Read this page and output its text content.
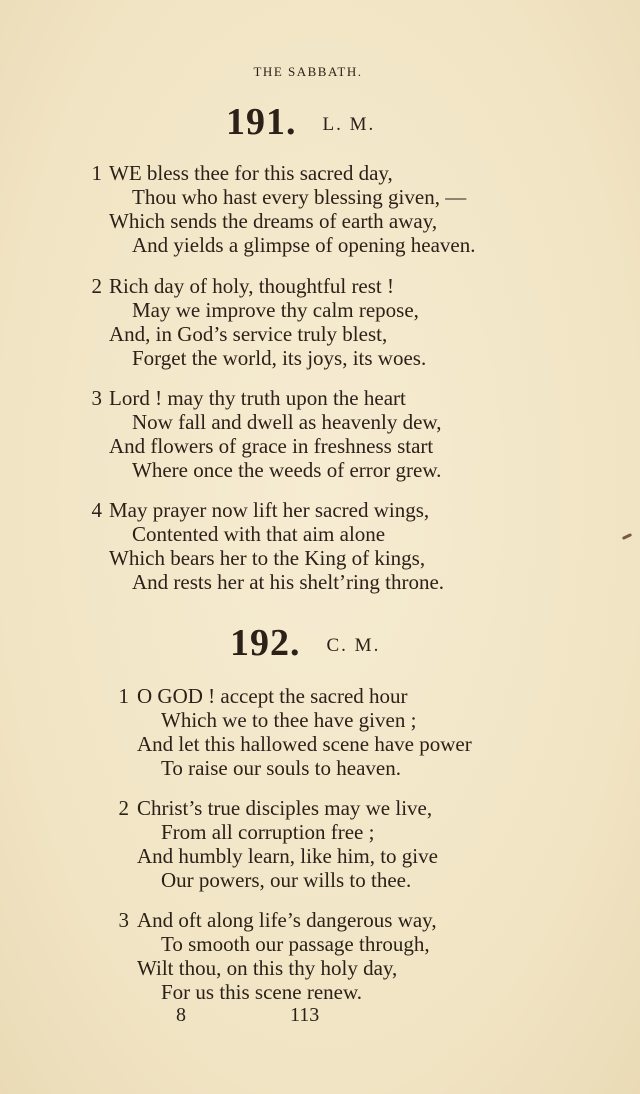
THE SABBATH.
191. L. M.
1 WE bless thee for this sacred day,
Thou who hast every blessing given, —
Which sends the dreams of earth away,
And yields a glimpse of opening heaven.
2 Rich day of holy, thoughtful rest !
May we improve thy calm repose,
And, in God’s service truly blest,
Forget the world, its joys, its woes.
3 Lord ! may thy truth upon the heart
Now fall and dwell as heavenly dew,
And flowers of grace in freshness start
Where once the weeds of error grew.
4 May prayer now lift her sacred wings,
Contented with that aim alone
Which bears her to the King of kings,
And rests her at his shelt’ring throne.
192. C. M.
1 O GOD ! accept the sacred hour
Which we to thee have given ;
And let this hallowed scene have power
To raise our souls to heaven.
2 Christ’s true disciples may we live,
From all corruption free ;
And humbly learn, like him, to give
Our powers, our wills to thee.
3 And oft along life’s dangerous way,
To smooth our passage through,
Wilt thou, on this thy holy day,
For us this scene renew.
8	113
